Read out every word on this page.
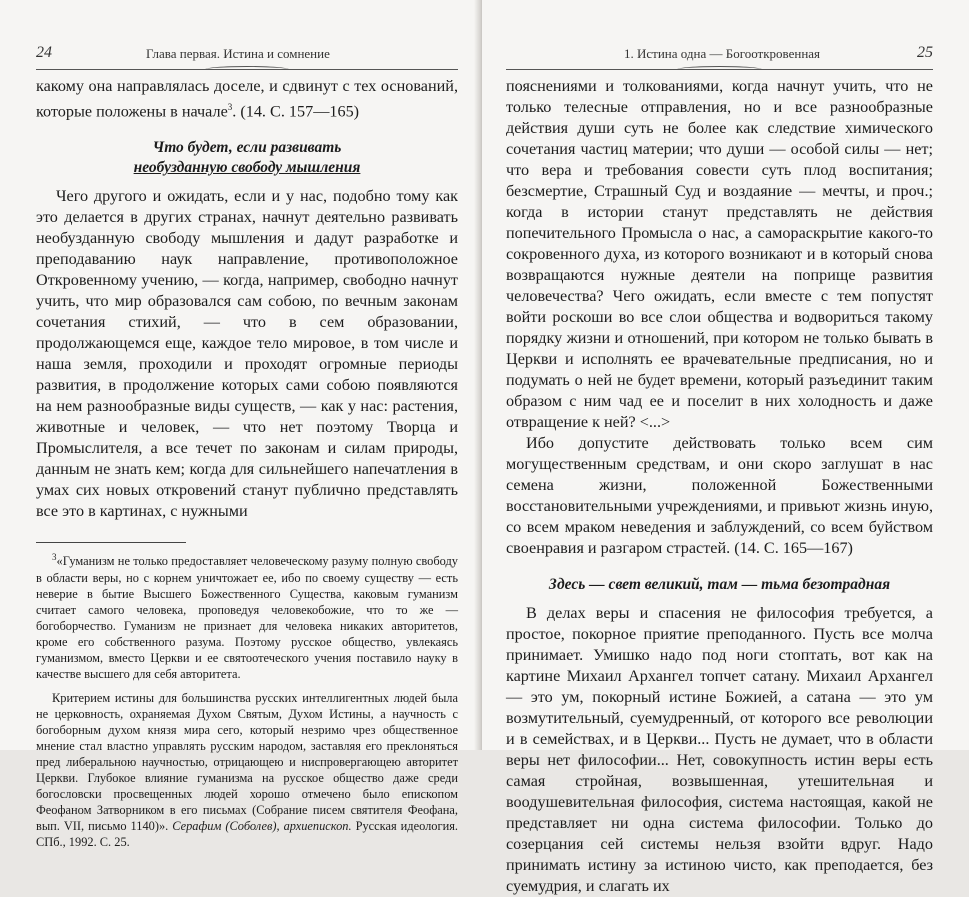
24	Глава первая. Истина и сомнение

какому она направлялась доселе, и сдвинут с тех оснований, которые положены в начале$^3$. (14. С. 157—165)

Что будет, если развивать
необузданную свободу мышления

Чего другого и ожидать, если и у нас, подобно тому как это делается в других странах, начнут деятельно развивать необузданную свободу мышления и дадут разработке и преподаванию наук направление, противоположное Откровенному учению, — когда, например, свободно начнут учить, что мир образовался сам собою, по вечным законам сочетания стихий, — что в сем образовании, продолжающемся еще, каждое тело мировое, в том числе и наша земля, проходили и проходят огромные периоды развития, в продолжение которых сами собою появляются на нем разнообразные виды существ, — как у нас: растения, животные и человек, — что нет поэтому Творца и Промыслителя, а все течет по законам и силам природы, данным не знать кем; когда для сильнейшего напечатления в умах сих новых откровений станут публично представлять все это в картинах, с нужными

$^3$«Гуманизм не только предоставляет человеческому разуму полную свободу в области веры, но с корнем уничтожает ее, ибо по своему существу — есть неверие в бытие Высшего Божественного Существа, каковым гуманизм считает самого человека, проповедуя человекобожие, что то же — богоборчество. Гуманизм не признает для человека никаких авторитетов, кроме его собственного разума. Поэтому русское общество, увлекаясь гуманизмом, вместо Церкви и ее святоотеческого учения поставило науку в качестве высшего для себя авторитета.

Критерием истины для большинства русских интеллигентных людей была не церковность, охраняемая Духом Святым, Духом Истины, а научность с богоборным духом князя мира сего, который незримо чрез общественное мнение стал властно управлять русским народом, заставляя его преклоняться пред либеральною научностью, отрицающею и ниспровергающею авторитет Церкви. Глубокое влияние гуманизма на русское общество даже среди богословски просвещенных людей хорошо отмечено было епископом Феофаном Затворником в его письмах (Собрание писем святителя Феофана, вып. VII, письмо 1140)». Серафим (Соболев), архиепископ. Русская идеология. СПб., 1992. С. 25.

1. Истина одна — Богооткровенная	25

пояснениями и толкованиями, когда начнут учить, что не только телесные отправления, но и все разнообразные действия души суть не более как следствие химического сочетания частиц материи; что души — особой силы — нет; что вера и требования совести суть плод воспитания; безсмертие, Страшный Суд и воздаяние — мечты, и проч.; когда в истории станут представлять не действия попечительного Промысла о нас, а самораскрытие какого-то сокровенного духа, из которого возникают и в который снова возвращаются нужные деятели на поприще развития человечества? Чего ожидать, если вместе с тем попустят войти роскоши во все слои общества и водвориться такому порядку жизни и отношений, при котором не только бывать в Церкви и исполнять ее врачевательные предписания, но и подумать о ней не будет времени, который разъединит таким образом с ним чад ее и поселит в них холодность и даже отвращение к ней? <...>

Ибо допустите действовать только всем сим могущественным средствам, и они скоро заглушат в нас семена жизни, положенной Божественными восстановительными учреждениями, и привьют жизнь иную, со всем мраком неведения и заблуждений, со всем буйством своенравия и разгаром страстей. (14. С. 165—167)

Здесь — свет великий, там — тьма безотрадная

В делах веры и спасения не философия требуется, а простое, покорное приятие преподанного. Пусть все молча принимает. Умишко надо под ноги стоптать, вот как на картине Михаил Архангел топчет сатану. Михаил Архангел — это ум, покорный истине Божией, а сатана — это ум возмутительный, суемудренный, от которого все революции и в семействах, и в Церкви... Пусть не думает, что в области веры нет философии... Нет, совокупность истин веры есть самая стройная, возвышенная, утешительная и воодушевительная философия, система настоящая, какой не представляет ни одна система философии. Только до созерцания сей системы нельзя взойти вдруг. Надо принимать истину за истиною чисто, как преподается, без суемудрия, и слагать их
